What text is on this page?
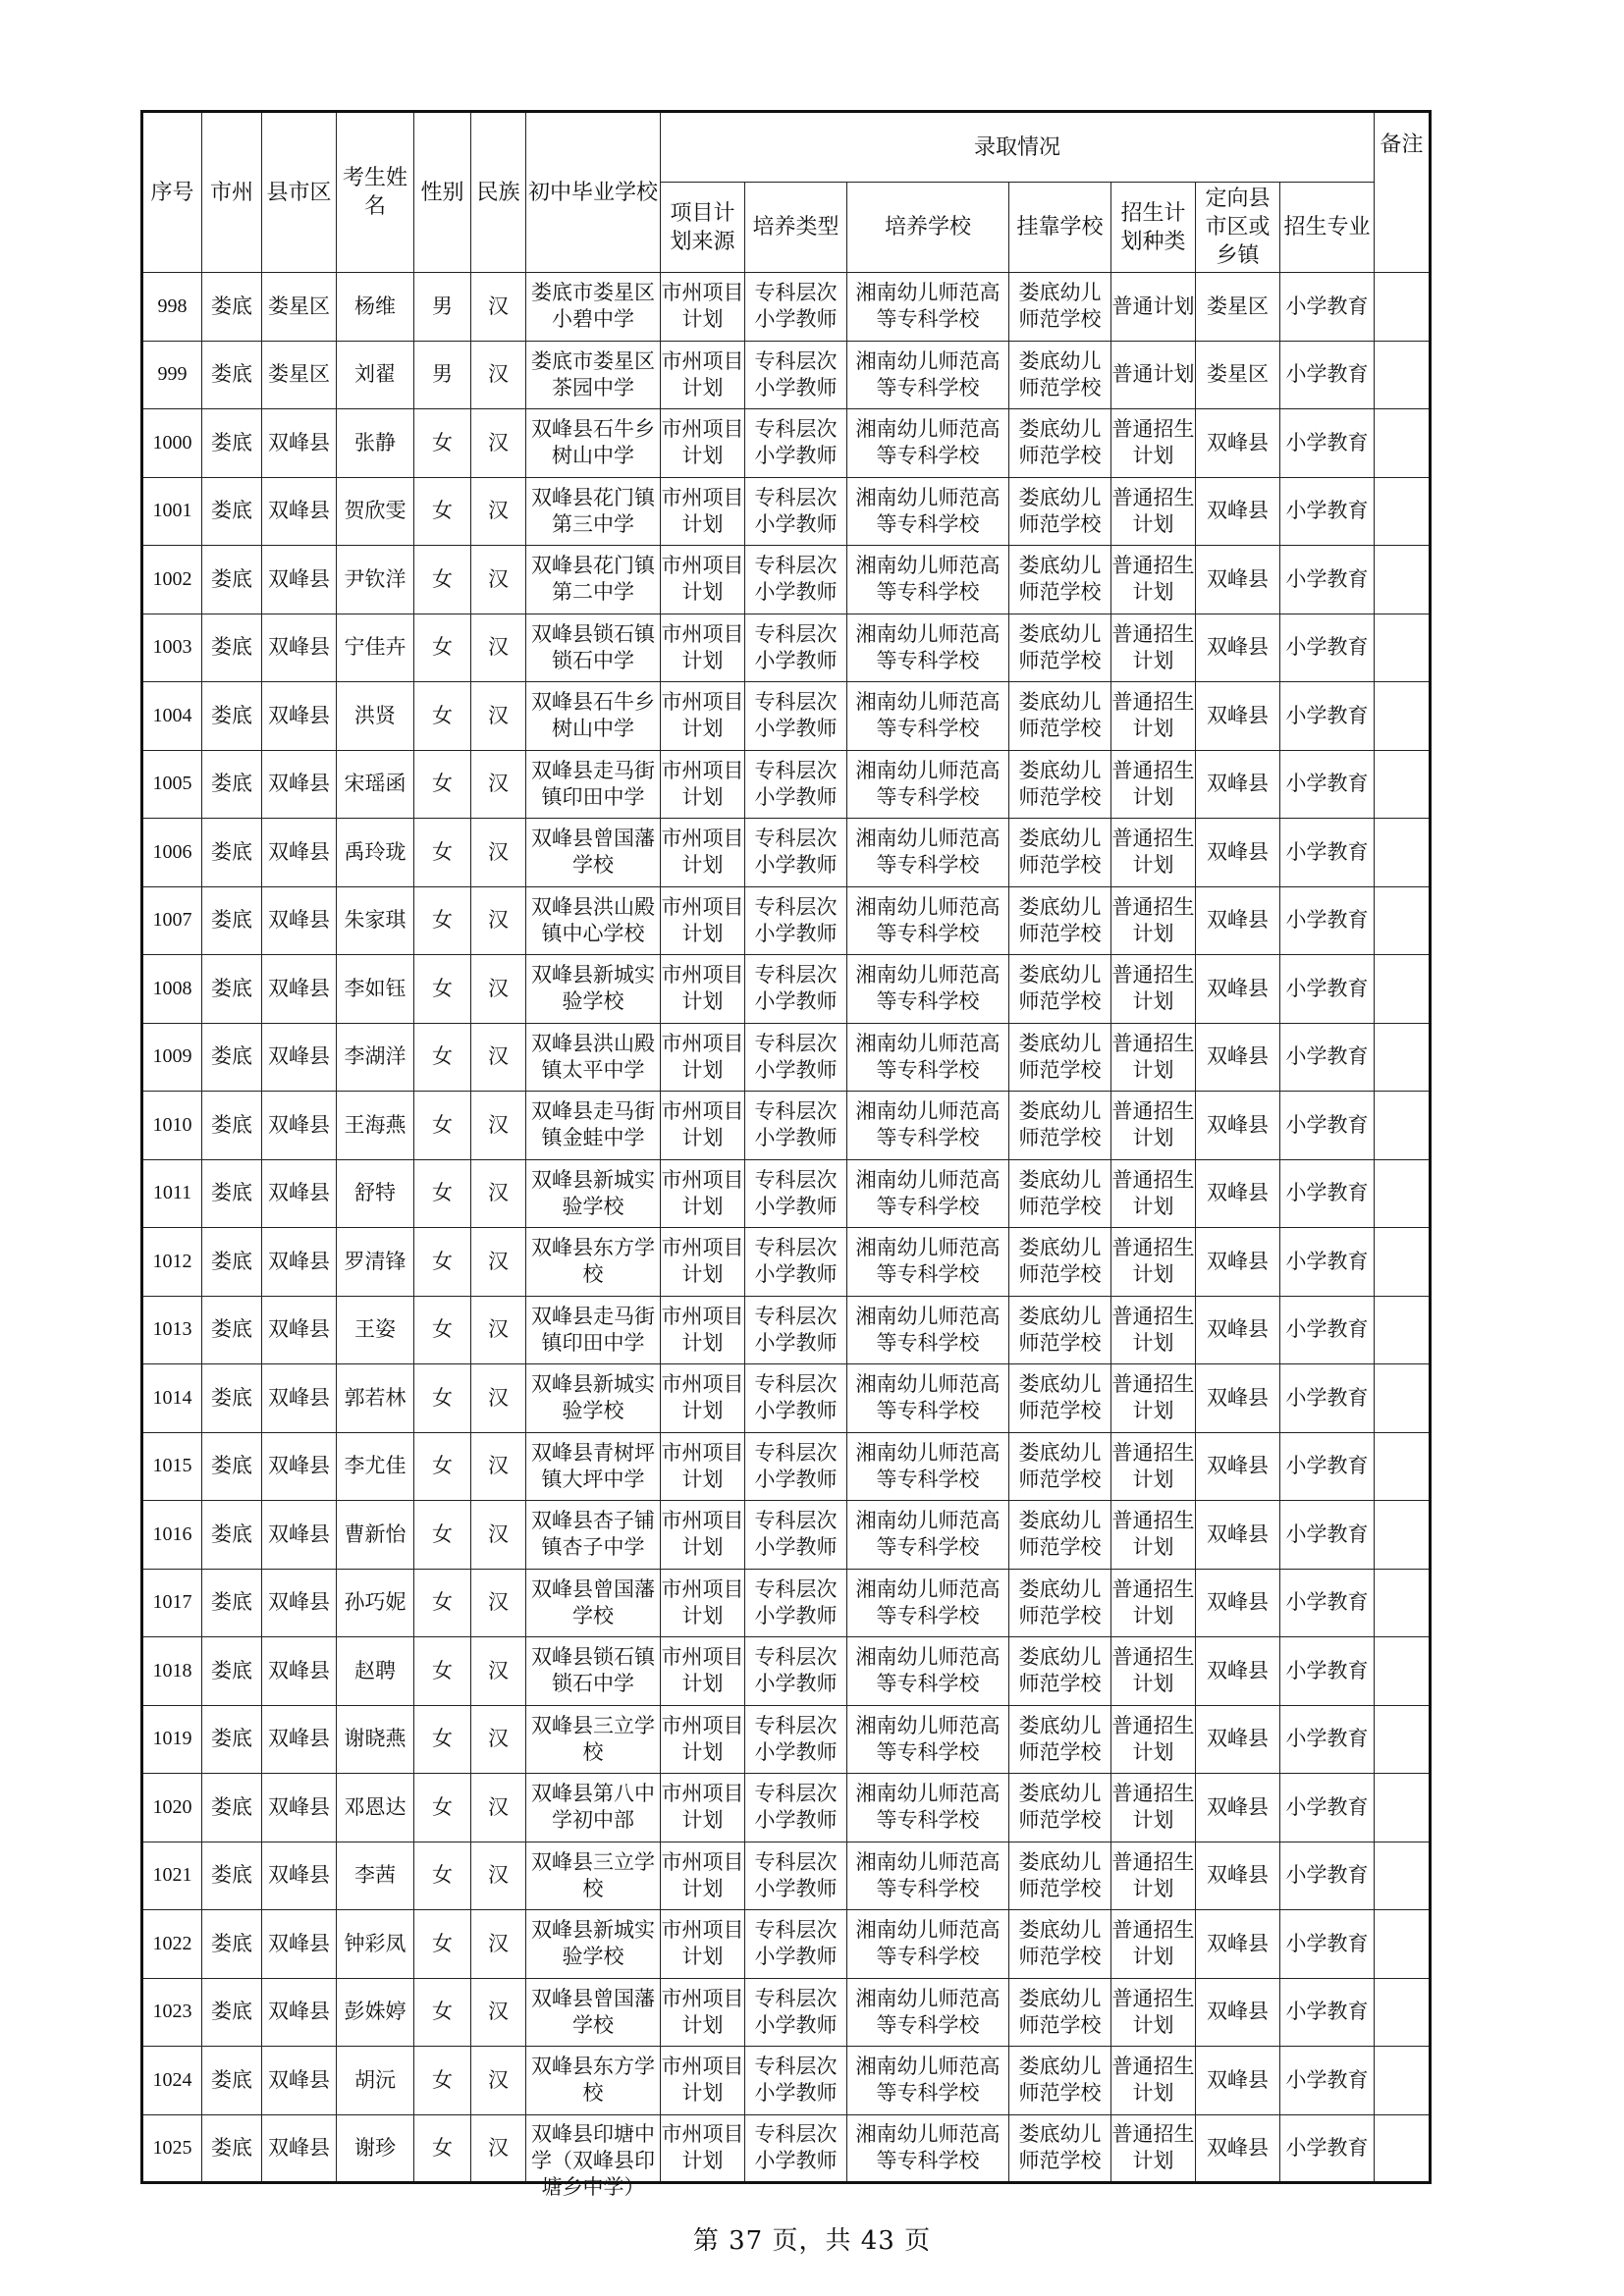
序号	市州	县市区	考生姓名	性别	民族	初中毕业学校	录取情况							备注
							项目计划来源	培养类型	培养学校	挂靠学校	招生计划种类	定向县市区或乡镇	招生专业	

998	娄底	娄星区	杨维	男	汉	娄底市娄星区小碧中学	市州项目计划	专科层次小学教师	湘南幼儿师范高等专科学校	娄底幼儿师范学校	普通计划	娄星区	小学教育	

999	娄底	娄星区	刘翟	男	汉	娄底市娄星区茶园中学	市州项目计划	专科层次小学教师	湘南幼儿师范高等专科学校	娄底幼儿师范学校	普通计划	娄星区	小学教育	

1000	娄底	双峰县	张静	女	汉	双峰县石牛乡树山中学	市州项目计划	专科层次小学教师	湘南幼儿师范高等专科学校	娄底幼儿师范学校	普通招生计划	双峰县	小学教育	

1001	娄底	双峰县	贺欣雯	女	汉	双峰县花门镇第三中学	市州项目计划	专科层次小学教师	湘南幼儿师范高等专科学校	娄底幼儿师范学校	普通招生计划	双峰县	小学教育	

1002	娄底	双峰县	尹钦洋	女	汉	双峰县花门镇第二中学	市州项目计划	专科层次小学教师	湘南幼儿师范高等专科学校	娄底幼儿师范学校	普通招生计划	双峰县	小学教育	

1003	娄底	双峰县	宁佳卉	女	汉	双峰县锁石镇锁石中学	市州项目计划	专科层次小学教师	湘南幼儿师范高等专科学校	娄底幼儿师范学校	普通招生计划	双峰县	小学教育	

1004	娄底	双峰县	洪贤	女	汉	双峰县石牛乡树山中学	市州项目计划	专科层次小学教师	湘南幼儿师范高等专科学校	娄底幼儿师范学校	普通招生计划	双峰县	小学教育	

1005	娄底	双峰县	宋瑶函	女	汉	双峰县走马街镇印田中学	市州项目计划	专科层次小学教师	湘南幼儿师范高等专科学校	娄底幼儿师范学校	普通招生计划	双峰县	小学教育	

1006	娄底	双峰县	禹玲珑	女	汉	双峰县曾国藩学校	市州项目计划	专科层次小学教师	湘南幼儿师范高等专科学校	娄底幼儿师范学校	普通招生计划	双峰县	小学教育	

1007	娄底	双峰县	朱家琪	女	汉	双峰县洪山殿镇中心学校	市州项目计划	专科层次小学教师	湘南幼儿师范高等专科学校	娄底幼儿师范学校	普通招生计划	双峰县	小学教育	

1008	娄底	双峰县	李如钰	女	汉	双峰县新城实验学校	市州项目计划	专科层次小学教师	湘南幼儿师范高等专科学校	娄底幼儿师范学校	普通招生计划	双峰县	小学教育	

1009	娄底	双峰县	李湖洋	女	汉	双峰县洪山殿镇太平中学	市州项目计划	专科层次小学教师	湘南幼儿师范高等专科学校	娄底幼儿师范学校	普通招生计划	双峰县	小学教育	

1010	娄底	双峰县	王海燕	女	汉	双峰县走马街镇金蛙中学	市州项目计划	专科层次小学教师	湘南幼儿师范高等专科学校	娄底幼儿师范学校	普通招生计划	双峰县	小学教育	

1011	娄底	双峰县	舒特	女	汉	双峰县新城实验学校	市州项目计划	专科层次小学教师	湘南幼儿师范高等专科学校	娄底幼儿师范学校	普通招生计划	双峰县	小学教育	

1012	娄底	双峰县	罗清锋	女	汉	双峰县东方学校	市州项目计划	专科层次小学教师	湘南幼儿师范高等专科学校	娄底幼儿师范学校	普通招生计划	双峰县	小学教育	

1013	娄底	双峰县	王姿	女	汉	双峰县走马街镇印田中学	市州项目计划	专科层次小学教师	湘南幼儿师范高等专科学校	娄底幼儿师范学校	普通招生计划	双峰县	小学教育	

1014	娄底	双峰县	郭若林	女	汉	双峰县新城实验学校	市州项目计划	专科层次小学教师	湘南幼儿师范高等专科学校	娄底幼儿师范学校	普通招生计划	双峰县	小学教育	

1015	娄底	双峰县	李尤佳	女	汉	双峰县青树坪镇大坪中学	市州项目计划	专科层次小学教师	湘南幼儿师范高等专科学校	娄底幼儿师范学校	普通招生计划	双峰县	小学教育	

1016	娄底	双峰县	曹新怡	女	汉	双峰县杏子铺镇杏子中学	市州项目计划	专科层次小学教师	湘南幼儿师范高等专科学校	娄底幼儿师范学校	普通招生计划	双峰县	小学教育	

1017	娄底	双峰县	孙巧妮	女	汉	双峰县曾国藩学校	市州项目计划	专科层次小学教师	湘南幼儿师范高等专科学校	娄底幼儿师范学校	普通招生计划	双峰县	小学教育	

1018	娄底	双峰县	赵聘	女	汉	双峰县锁石镇锁石中学	市州项目计划	专科层次小学教师	湘南幼儿师范高等专科学校	娄底幼儿师范学校	普通招生计划	双峰县	小学教育	

1019	娄底	双峰县	谢晓燕	女	汉	双峰县三立学校	市州项目计划	专科层次小学教师	湘南幼儿师范高等专科学校	娄底幼儿师范学校	普通招生计划	双峰县	小学教育	

1020	娄底	双峰县	邓恩达	女	汉	双峰县第八中学初中部	市州项目计划	专科层次小学教师	湘南幼儿师范高等专科学校	娄底幼儿师范学校	普通招生计划	双峰县	小学教育	

1021	娄底	双峰县	李茜	女	汉	双峰县三立学校	市州项目计划	专科层次小学教师	湘南幼儿师范高等专科学校	娄底幼儿师范学校	普通招生计划	双峰县	小学教育	

1022	娄底	双峰县	钟彩凤	女	汉	双峰县新城实验学校	市州项目计划	专科层次小学教师	湘南幼儿师范高等专科学校	娄底幼儿师范学校	普通招生计划	双峰县	小学教育	

1023	娄底	双峰县	彭姝婷	女	汉	双峰县曾国藩学校	市州项目计划	专科层次小学教师	湘南幼儿师范高等专科学校	娄底幼儿师范学校	普通招生计划	双峰县	小学教育	

1024	娄底	双峰县	胡沅	女	汉	双峰县东方学校	市州项目计划	专科层次小学教师	湘南幼儿师范高等专科学校	娄底幼儿师范学校	普通招生计划	双峰县	小学教育	

1025	娄底	双峰县	谢珍	女	汉	双峰县印塘中学（双峰县印塘乡中学）	市州项目计划	专科层次小学教师	湘南幼儿师范高等专科学校	娄底幼儿师范学校	普通招生计划	双峰县	小学教育	

第 37 页，共 43 页
